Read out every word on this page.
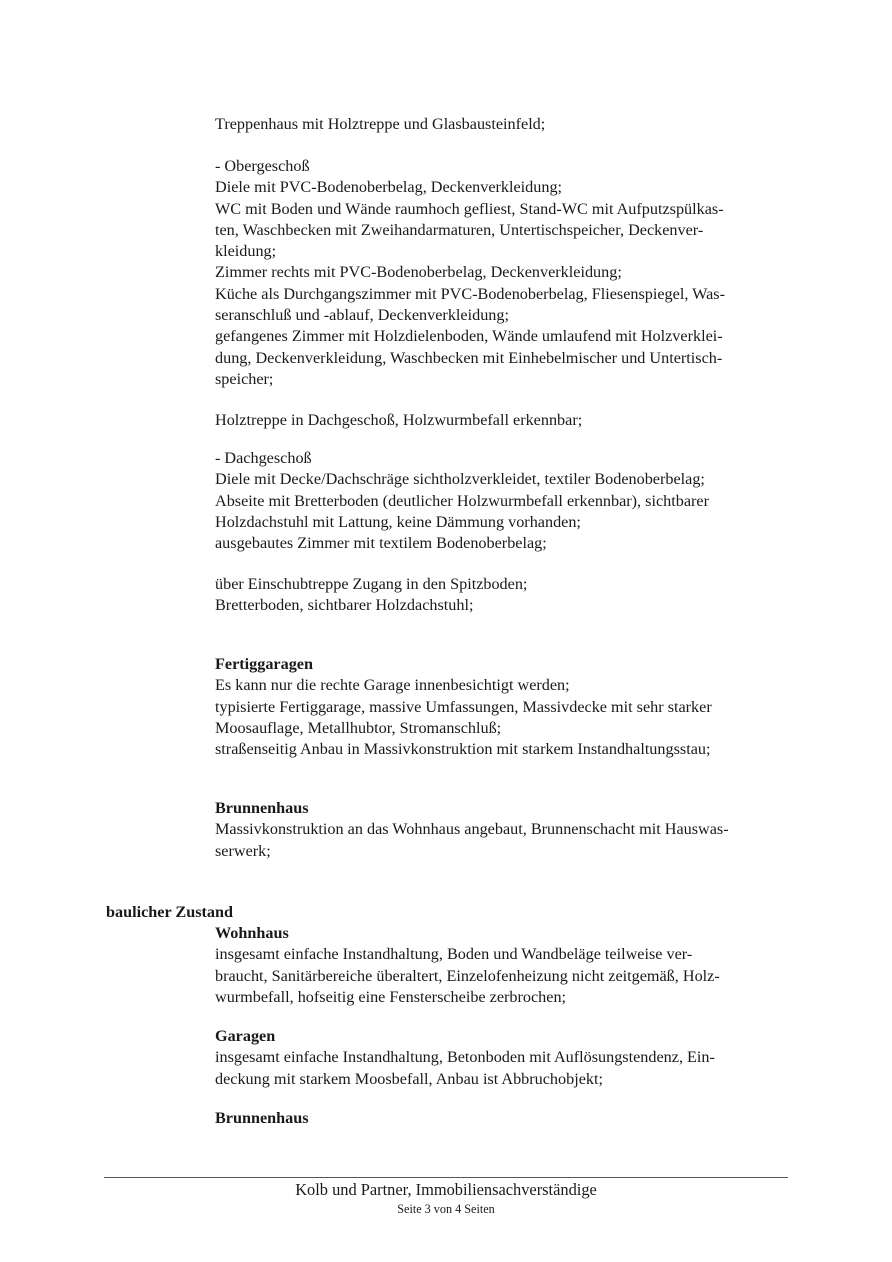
Treppenhaus mit Holztreppe und Glasbausteinfeld;
- Obergeschoß
Diele mit PVC-Bodenoberbelag, Deckenverkleidung;
WC mit Boden und Wände raumhoch gefliest, Stand-WC mit Aufputzspülkas-
ten, Waschbecken mit Zweihandarmaturen, Untertischspeicher, Deckenver-
kleidung;
Zimmer rechts mit PVC-Bodenoberbelag, Deckenverkleidung;
Küche als Durchgangszimmer mit PVC-Bodenoberbelag, Fliesenspiegel, Was-
seranschluß und -ablauf, Deckenverkleidung;
gefangenes Zimmer mit Holzdielenboden, Wände umlaufend mit Holzverklei-
dung, Deckenverkleidung, Waschbecken mit Einhebelmischer und Untertisch-
speicher;
Holztreppe in Dachgeschoß, Holzwurmbefall erkennbar;
- Dachgeschoß
Diele mit Decke/Dachschräge sichtholzverkleidet, textiler Bodenoberbelag;
Abseite mit Bretterboden (deutlicher Holzwurmbefall erkennbar), sichtbarer
Holzdachstuhl mit Lattung, keine Dämmung vorhanden;
ausgebautes Zimmer mit textilem Bodenoberbelag;
über Einschubtreppe Zugang in den Spitzboden;
Bretterboden, sichtbarer Holzdachstuhl;
Fertiggaragen
Es kann nur die rechte Garage innenbesichtigt werden;
typisierte Fertiggarage, massive Umfassungen, Massivdecke mit sehr starker
Moosauflage, Metallhubtor, Stromanschluß;
straßenseitig Anbau in Massivkonstruktion mit starkem Instandhaltungsstau;
Brunnenhaus
Massivkonstruktion an das Wohnhaus angebaut, Brunnenschacht mit Hauswas-
serwerk;
baulicher Zustand
Wohnhaus
insgesamt einfache Instandhaltung, Boden und Wandbeläge teilweise ver-
braucht, Sanitärbereiche überaltert, Einzelofenheizung nicht zeitgemäß, Holz-
wurmbefall, hofseitig eine Fensterscheibe zerbrochen;
Garagen
insgesamt einfache Instandhaltung, Betonboden mit Auflösungstendenz, Ein-
deckung mit starkem Moosbefall, Anbau ist Abbruchobjekt;
Brunnenhaus
Kolb und Partner, Immobiliensachverständige
Seite 3 von 4 Seiten
